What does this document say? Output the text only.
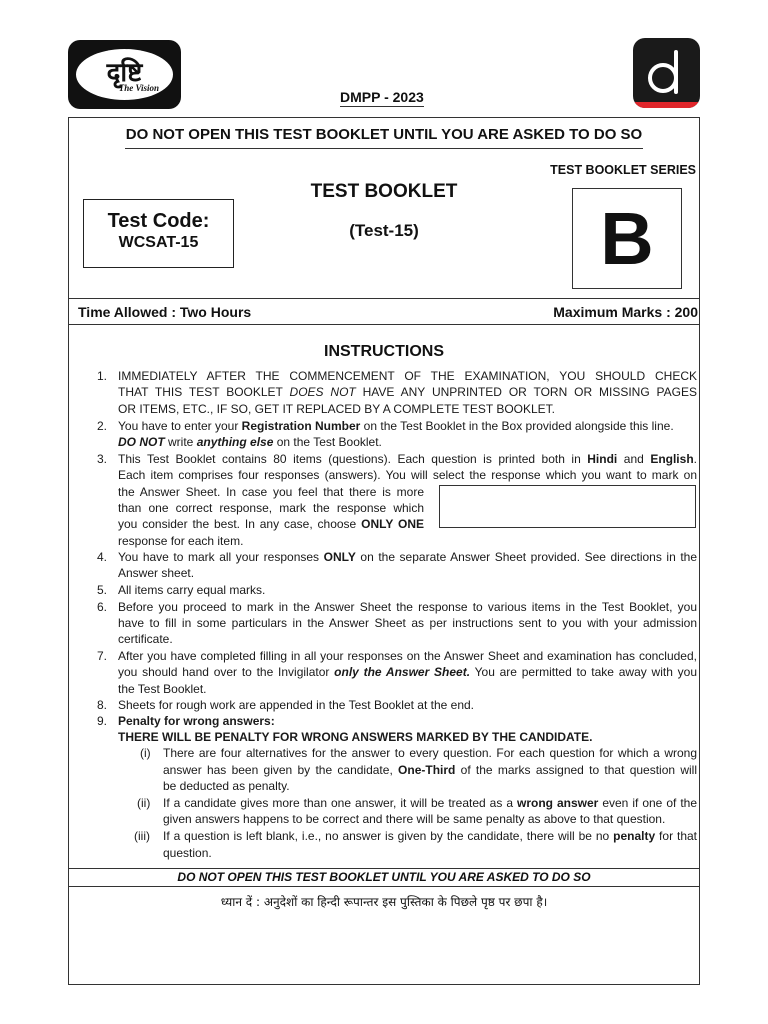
दृष्टि
The Vision
DMPP - 2023
DO NOT OPEN THIS TEST BOOKLET UNTIL YOU ARE ASKED TO DO SO
TEST BOOKLET SERIES
B
TEST BOOKLET
(Test-15)
Test Code:
WCSAT-15
Time Allowed : Two Hours	Maximum Marks : 200
INSTRUCTIONS
1. IMMEDIATELY AFTER THE COMMENCEMENT OF THE EXAMINATION, YOU SHOULD CHECK
THAT THIS TEST BOOKLET DOES NOT HAVE ANY UNPRINTED OR TORN OR MISSING PAGES
OR ITEMS, ETC., IF SO, GET IT REPLACED BY A COMPLETE TEST BOOKLET.
2. You have to enter your Registration Number on the Test Booklet in the Box provided alongside this line.
DO NOT write anything else on the Test Booklet.
3. This Test Booklet contains 80 items (questions). Each question is printed both in Hindi and English.
Each item comprises four responses (answers). You will select the response which you want to mark on
the Answer Sheet. In case you feel that there is more
than one correct response, mark the response which
you consider the best. In any case, choose ONLY ONE
response for each item.
4. You have to mark all your responses ONLY on the separate Answer Sheet provided. See directions in the
Answer sheet.
5. All items carry equal marks.
6. Before you proceed to mark in the Answer Sheet the response to various items in the Test Booklet, you
have to fill in some particulars in the Answer Sheet as per instructions sent to you with your admission
certificate.
7. After you have completed filling in all your responses on the Answer Sheet and examination has concluded,
you should hand over to the Invigilator only the Answer Sheet. You are permitted to take away with you
the Test Booklet.
8. Sheets for rough work are appended in the Test Booklet at the end.
9. Penalty for wrong answers:
THERE WILL BE PENALTY FOR WRONG ANSWERS MARKED BY THE CANDIDATE.
(i) There are four alternatives for the answer to every question. For each question for which a wrong
answer has been given by the candidate, One-Third of the marks assigned to that question will
be deducted as penalty.
(ii) If a candidate gives more than one answer, it will be treated as a wrong answer even if one of the
given answers happens to be correct and there will be same penalty as above to that question.
(iii) If a question is left blank, i.e., no answer is given by the candidate, there will be no penalty for that
question.
DO NOT OPEN THIS TEST BOOKLET UNTIL YOU ARE ASKED TO DO SO
ध्यान दें : अनुदेशों का हिन्दी रूपान्तर इस पुस्तिका के पिछले पृष्ठ पर छपा है।
